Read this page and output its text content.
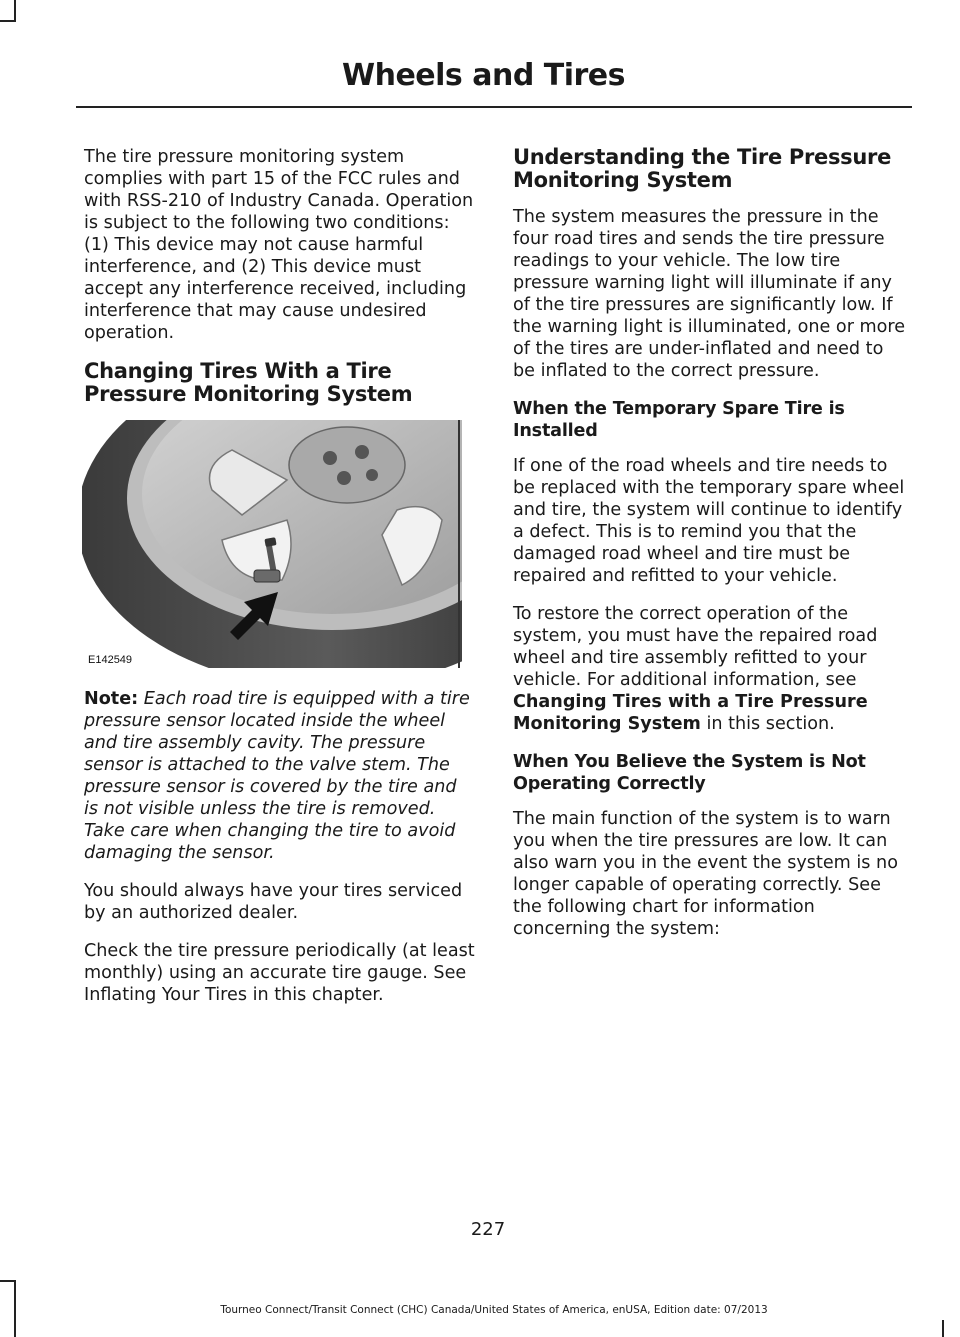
Wheels and Tires

The tire pressure monitoring system complies with part 15 of the FCC rules and with RSS-210 of Industry Canada. Operation is subject to the following two conditions: (1) This device may not cause harmful interference, and (2) This device must accept any interference received, including interference that may cause undesired operation.

Changing Tires With a Tire Pressure Monitoring System
E142549

Note: Each road tire is equipped with a tire pressure sensor located inside the wheel and tire assembly cavity. The pressure sensor is attached to the valve stem. The pressure sensor is covered by the tire and is not visible unless the tire is removed. Take care when changing the tire to avoid damaging the sensor.

You should always have your tires serviced by an authorized dealer.

Check the tire pressure periodically (at least monthly) using an accurate tire gauge. See Inflating Your Tires in this chapter.

Understanding the Tire Pressure Monitoring System

The system measures the pressure in the four road tires and sends the tire pressure readings to your vehicle. The low tire pressure warning light will illuminate if any of the tire pressures are significantly low. If the warning light is illuminated, one or more of the tires are under-inflated and need to be inflated to the correct pressure.

When the Temporary Spare Tire is Installed

If one of the road wheels and tire needs to be replaced with the temporary spare wheel and tire, the system will continue to identify a defect. This is to remind you that the damaged road wheel and tire must be repaired and refitted to your vehicle.

To restore the correct operation of the system, you must have the repaired road wheel and tire assembly refitted to your vehicle. For additional information, see Changing Tires with a Tire Pressure Monitoring System in this section.

When You Believe the System is Not Operating Correctly

The main function of the system is to warn you when the tire pressures are low. It can also warn you in the event the system is no longer capable of operating correctly. See the following chart for information concerning the system:

227
Tourneo Connect/Transit Connect (CHC) Canada/United States of America, enUSA, Edition date: 07/2013
